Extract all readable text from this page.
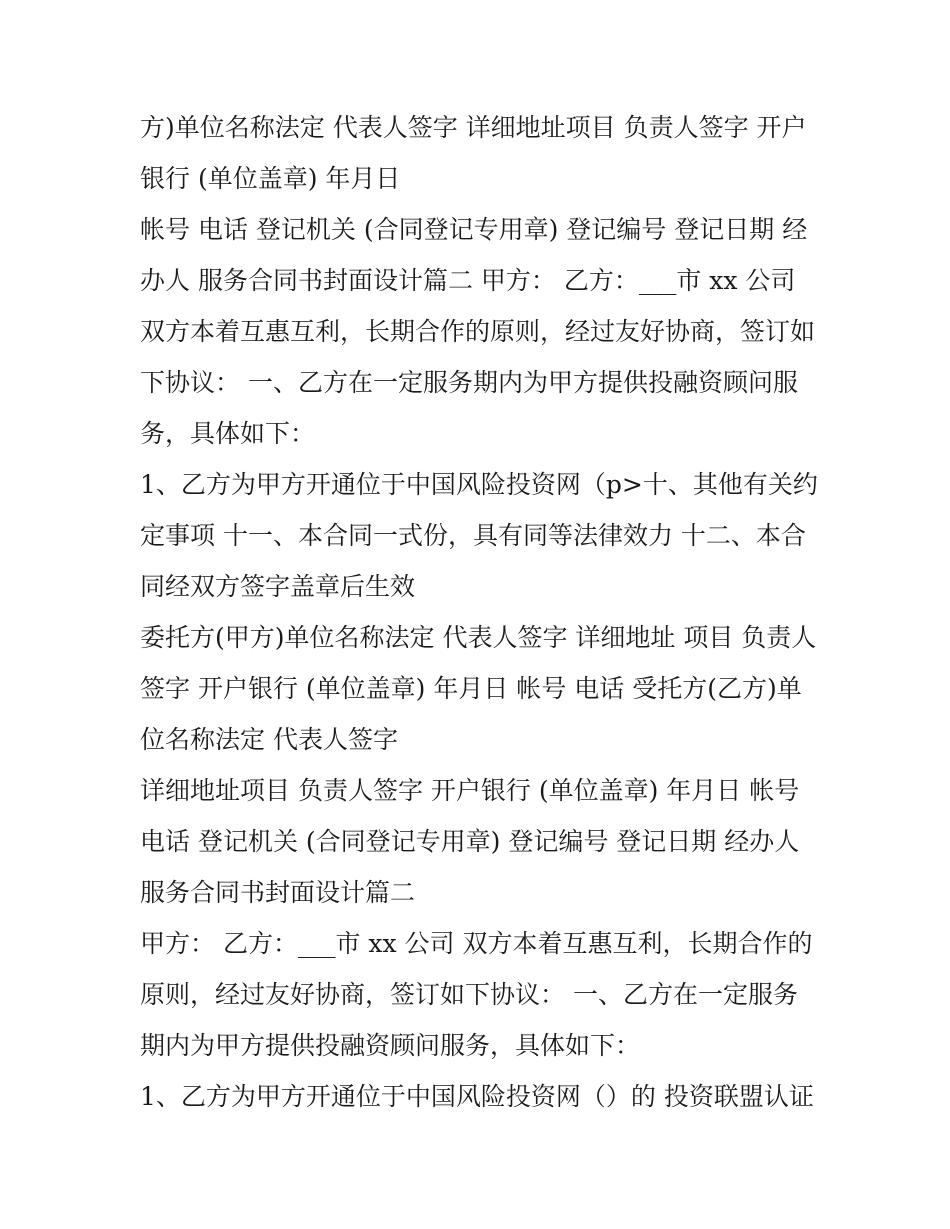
方)单位名称法定 代表人签字 详细地址项目 负责人签字 开户
银行 (单位盖章) 年月日
帐号 电话 登记机关 (合同登记专用章) 登记编号 登记日期 经
办人 服务合同书封面设计篇二 甲方： 乙方：___市 xx 公司
双方本着互惠互利，长期合作的原则，经过友好协商，签订如
下协议： 一、乙方在一定服务期内为甲方提供投融资顾问服
务，具体如下：
1、乙方为甲方开通位于中国风险投资网（p>十、其他有关约
定事项 十一、本合同一式份，具有同等法律效力 十二、本合
同经双方签字盖章后生效
委托方(甲方)单位名称法定 代表人签字 详细地址 项目 负责人
签字 开户银行 (单位盖章) 年月日 帐号 电话 受托方(乙方)单
位名称法定 代表人签字
详细地址项目 负责人签字 开户银行 (单位盖章) 年月日 帐号
电话 登记机关 (合同登记专用章) 登记编号 登记日期 经办人
服务合同书封面设计篇二
甲方： 乙方：___市 xx 公司 双方本着互惠互利，长期合作的
原则，经过友好协商，签订如下协议： 一、乙方在一定服务
期内为甲方提供投融资顾问服务，具体如下：
1、乙方为甲方开通位于中国风险投资网（）的 投资联盟认证
